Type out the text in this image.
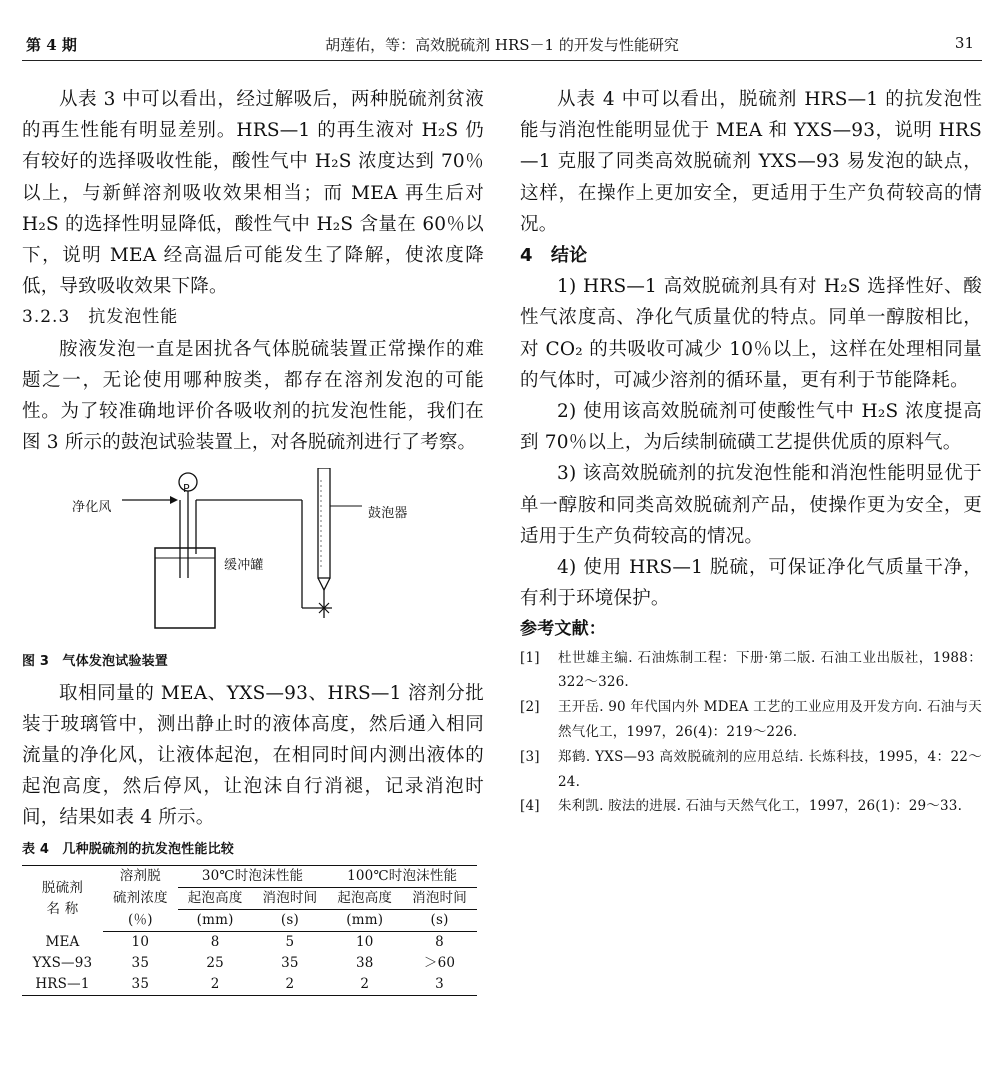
第 4 期	胡莲佑，等：高效脱硫剂 HRS－1 的开发与性能研究	31

从表 3 中可以看出，经过解吸后，两种脱硫剂贫液的再生性能有明显差别。HRS—1 的再生液对 H₂S 仍有较好的选择吸收性能，酸性气中 H₂S 浓度达到 70％以上，与新鲜溶剂吸收效果相当；而 MEA 再生后对 H₂S 的选择性明显降低，酸性气中 H₂S 含量在 60％以下，说明 MEA 经高温后可能发生了降解，使浓度降低，导致吸收效果下降。

3.2.3　抗发泡性能

胺液发泡一直是困扰各气体脱硫装置正常操作的难题之一，无论使用哪种胺类，都存在溶剂发泡的可能性。为了较准确地评价各吸收剂的抗发泡性能，我们在图 3 所示的鼓泡试验装置上，对各脱硫剂进行了考察。

净化风
P
缓冲罐
鼓泡器

图 3　气体发泡试验装置

取相同量的 MEA、YXS—93、HRS—1 溶剂分批装于玻璃管中，测出静止时的液体高度，然后通入相同流量的净化风，让液体起泡，在相同时间内测出液体的起泡高度，然后停风，让泡沫自行消褪，记录消泡时间，结果如表 4 所示。

表 4　几种脱硫剂的抗发泡性能比较

脱硫剂
名 称	溶剂脱	30℃时泡沫性能		100℃时泡沫性能	
	硫剂浓度	起泡高度	消泡时间	起泡高度	消泡时间
	(％)	(mm)	(s)	(mm)	(s)
MEA	10	8	5	10	8
YXS—93	35	25	35	38	＞60
HRS—1	35	2	2	2	3

从表 4 中可以看出，脱硫剂 HRS—1 的抗发泡性能与消泡性能明显优于 MEA 和 YXS—93，说明 HRS—1 克服了同类高效脱硫剂 YXS—93 易发泡的缺点，这样，在操作上更加安全，更适用于生产负荷较高的情况。

4　结论

1) HRS—1 高效脱硫剂具有对 H₂S 选择性好、酸性气浓度高、净化气质量优的特点。同单一醇胺相比，对 CO₂ 的共吸收可减少 10％以上，这样在处理相同量的气体时，可减少溶剂的循环量，更有利于节能降耗。

2) 使用该高效脱硫剂可使酸性气中 H₂S 浓度提高到 70％以上，为后续制硫磺工艺提供优质的原料气。

3) 该高效脱硫剂的抗发泡性能和消泡性能明显优于单一醇胺和同类高效脱硫剂产品，使操作更为安全，更适用于生产负荷较高的情况。

4) 使用 HRS—1 脱硫，可保证净化气质量干净，有利于环境保护。

参考文献：

[1] 杜世雄主编. 石油炼制工程：下册·第二版. 石油工业出版社，1988：322～326.
[2] 王开岳. 90 年代国内外 MDEA 工艺的工业应用及开发方向. 石油与天然气化工，1997，26(4)：219～226.
[3] 郑鹤. YXS—93 高效脱硫剂的应用总结. 长炼科技，1995，4：22～24.
[4] 朱利凯. 胺法的进展. 石油与天然气化工，1997，26(1)：29～33.
